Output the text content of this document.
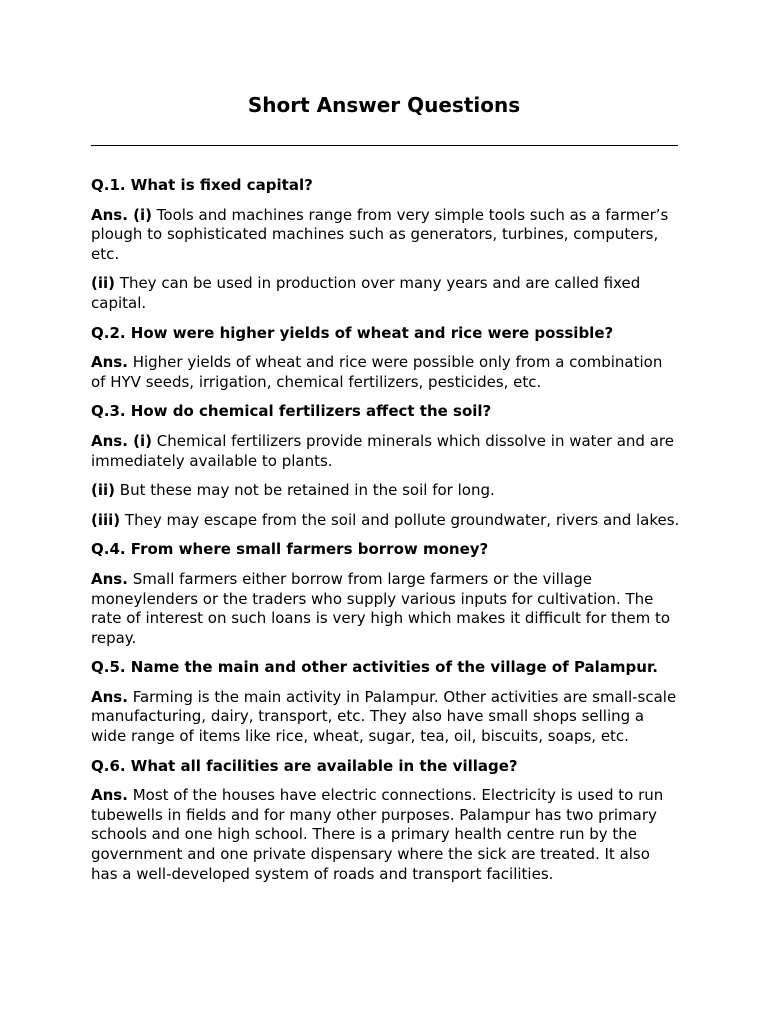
Short Answer Questions

Q.1. What is fixed capital?

Ans. (i) Tools and machines range from very simple tools such as a farmer’s plough to sophisticated machines such as generators, turbines, computers, etc.

(ii) They can be used in production over many years and are called fixed capital.

Q.2. How were higher yields of wheat and rice were possible?

Ans. Higher yields of wheat and rice were possible only from a combination of HYV seeds, irrigation, chemical fertilizers, pesticides, etc.

Q.3. How do chemical fertilizers affect the soil?

Ans. (i) Chemical fertilizers provide minerals which dissolve in water and are immediately available to plants.

(ii) But these may not be retained in the soil for long.

(iii) They may escape from the soil and pollute groundwater, rivers and lakes.

Q.4. From where small farmers borrow money?

Ans. Small farmers either borrow from large farmers or the village moneylenders or the traders who supply various inputs for cultivation. The rate of interest on such loans is very high which makes it difficult for them to repay.

Q.5. Name the main and other activities of the village of Palampur.

Ans. Farming is the main activity in Palampur. Other activities are small-scale manufacturing, dairy, transport, etc. They also have small shops selling a wide range of items like rice, wheat, sugar, tea, oil, biscuits, soaps, etc.

Q.6. What all facilities are available in the village?

Ans. Most of the houses have electric connections. Electricity is used to run tubewells in fields and for many other purposes. Palampur has two primary schools and one high school. There is a primary health centre run by the government and one private dispensary where the sick are treated. It also has a well-developed system of roads and transport facilities.
